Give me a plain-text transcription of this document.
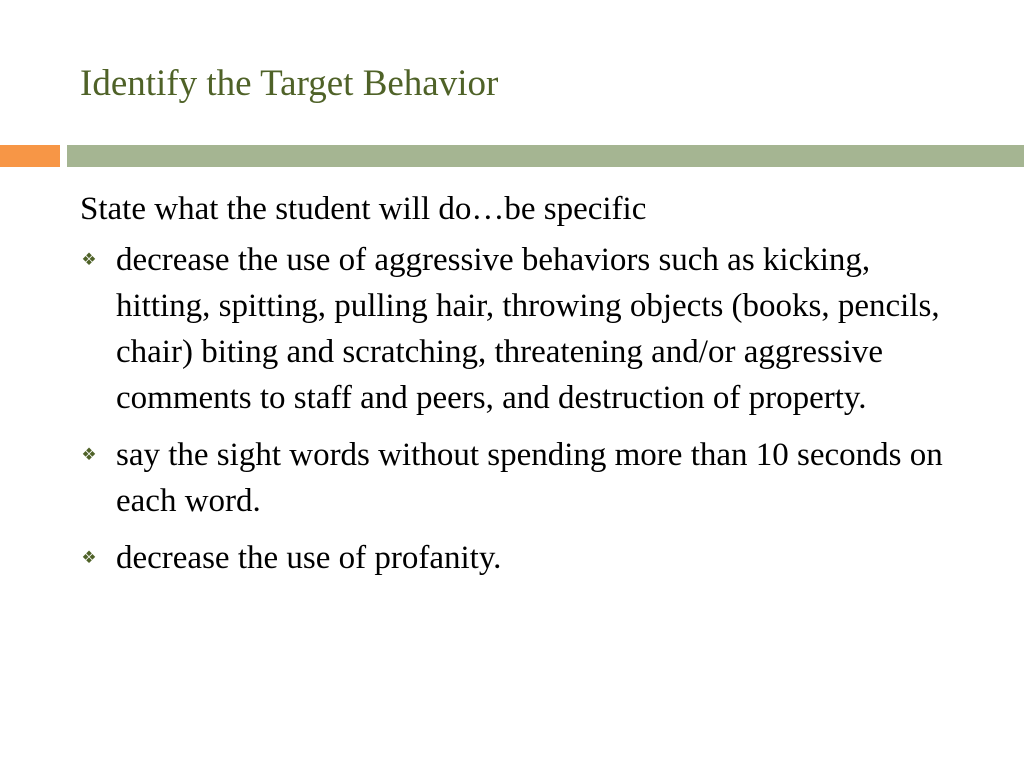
Identify the Target Behavior

State what the student will do…be specific

❖ decrease the use of aggressive behaviors such as kicking, hitting, spitting, pulling hair, throwing objects (books, pencils, chair) biting and scratching, threatening and/or aggressive comments to staff and peers, and destruction of property.
❖ say the sight words without spending more than 10 seconds on each word.
❖ decrease the use of profanity.
